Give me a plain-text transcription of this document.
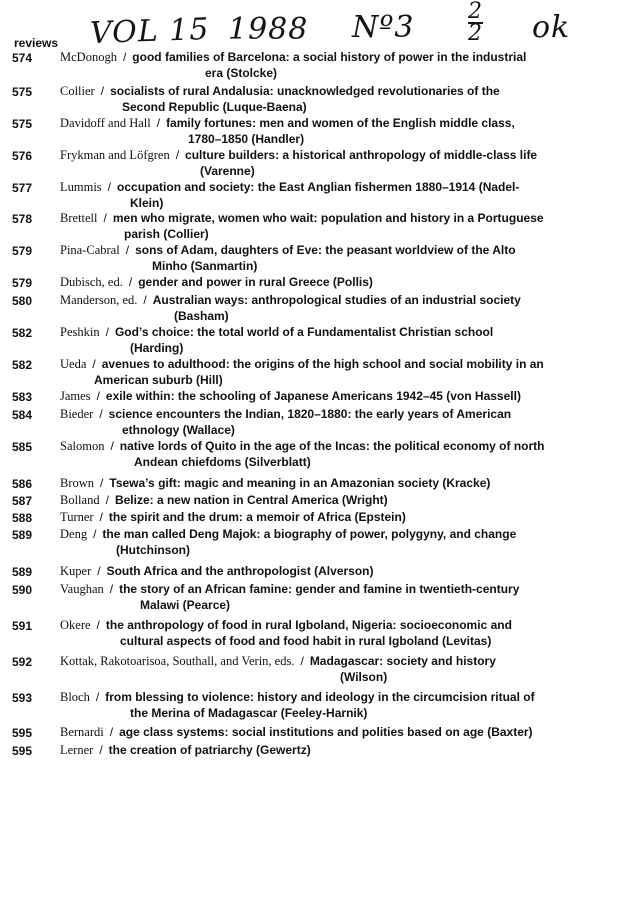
VOL 15 1988 Nº3 $\frac{2}{2}$ ok
reviews
574	McDonogh / good families of Barcelona: a social history of power in the industrial
era (Stolcke)
575	Collier / socialists of rural Andalusia: unacknowledged revolutionaries of the
Second Republic (Luque-Baena)
575	Davidoff and Hall / family fortunes: men and women of the English middle class,
1780–1850 (Handler)
576	Frykman and Löfgren / culture builders: a historical anthropology of middle-class life
(Varenne)
577	Lummis / occupation and society: the East Anglian fishermen 1880–1914 (Nadel-
Klein)
578	Brettell / men who migrate, women who wait: population and history in a Portuguese
parish (Collier)
579	Pina-Cabral / sons of Adam, daughters of Eve: the peasant worldview of the Alto
Minho (Sanmartin)
579	Dubisch, ed. / gender and power in rural Greece (Pollis)
580	Manderson, ed. / Australian ways: anthropological studies of an industrial society
(Basham)
582	Peshkin / God’s choice: the total world of a Fundamentalist Christian school
(Harding)
582	Ueda / avenues to adulthood: the origins of the high school and social mobility in an
American suburb (Hill)
583	James / exile within: the schooling of Japanese Americans 1942–45 (von Hassell)
584	Bieder / science encounters the Indian, 1820–1880: the early years of American
ethnology (Wallace)
585	Salomon / native lords of Quito in the age of the Incas: the political economy of north
Andean chiefdoms (Silverblatt)
586	Brown / Tsewa’s gift: magic and meaning in an Amazonian society (Kracke)
587	Bolland / Belize: a new nation in Central America (Wright)
588	Turner / the spirit and the drum: a memoir of Africa (Epstein)
589	Deng / the man called Deng Majok: a biography of power, polygyny, and change
(Hutchinson)
589	Kuper / South Africa and the anthropologist (Alverson)
590	Vaughan / the story of an African famine: gender and famine in twentieth-century
Malawi (Pearce)
591	Okere / the anthropology of food in rural Igboland, Nigeria: socioeconomic and
cultural aspects of food and food habit in rural Igboland (Levitas)
592	Kottak, Rakotoarisoa, Southall, and Verin, eds. / Madagascar: society and history
(Wilson)
593	Bloch / from blessing to violence: history and ideology in the circumcision ritual of
the Merina of Madagascar (Feeley-Harnik)
595	Bernardi / age class systems: social institutions and polities based on age (Baxter)
595	Lerner / the creation of patriarchy (Gewertz)
